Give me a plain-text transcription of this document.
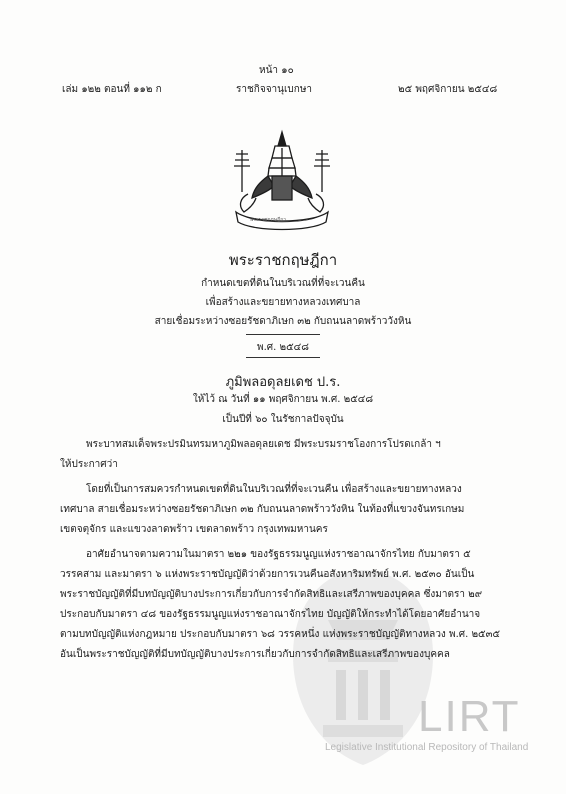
หน้า ๑๐
เล่ม ๑๒๒ ตอนที่ ๑๑๒ ก	ราชกิจจานุเบกษา	๒๕ พฤศจิกายน ๒๕๔๘
พระราชกฤษฎีกา
พระราชกฤษฎีกา
กำหนดเขตที่ดินในบริเวณที่ที่จะเวนคืน
เพื่อสร้างและขยายทางหลวงเทศบาล
สายเชื่อมระหว่างซอยรัชดาภิเษก ๓๒ กับถนนลาดพร้าววังหิน
พ.ศ. ๒๕๔๘
ภูมิพลอดุลยเดช ป.ร.
ให้ไว้ ณ วันที่ ๑๑ พฤศจิกายน พ.ศ. ๒๕๔๘
เป็นปีที่ ๖๐ ในรัชกาลปัจจุบัน
LIRT
Legislative Institutional Repository of Thailand
พระบาทสมเด็จพระปรมินทรมหาภูมิพลอดุลยเดช มีพระบรมราชโองการโปรดเกล้า ฯ
ให้ประกาศว่า
โดยที่เป็นการสมควรกำหนดเขตที่ดินในบริเวณที่ที่จะเวนคืน เพื่อสร้างและขยายทางหลวง
เทศบาล สายเชื่อมระหว่างซอยรัชดาภิเษก ๓๒ กับถนนลาดพร้าววังหิน ในท้องที่แขวงจันทรเกษม
เขตจตุจักร และแขวงลาดพร้าว เขตลาดพร้าว กรุงเทพมหานคร
อาศัยอำนาจตามความในมาตรา ๒๒๑ ของรัฐธรรมนูญแห่งราชอาณาจักรไทย กับมาตรา ๕
วรรคสาม และมาตรา ๖ แห่งพระราชบัญญัติว่าด้วยการเวนคืนอสังหาริมทรัพย์ พ.ศ. ๒๕๓๐ อันเป็น
พระราชบัญญัติที่มีบทบัญญัติบางประการเกี่ยวกับการจำกัดสิทธิและเสรีภาพของบุคคล ซึ่งมาตรา ๒๙
ประกอบกับมาตรา ๔๘ ของรัฐธรรมนูญแห่งราชอาณาจักรไทย บัญญัติให้กระทำได้โดยอาศัยอำนาจ
ตามบทบัญญัติแห่งกฎหมาย ประกอบกับมาตรา ๖๘ วรรคหนึ่ง แห่งพระราชบัญญัติทางหลวง พ.ศ. ๒๕๓๕
อันเป็นพระราชบัญญัติที่มีบทบัญญัติบางประการเกี่ยวกับการจำกัดสิทธิและเสรีภาพของบุคคล
